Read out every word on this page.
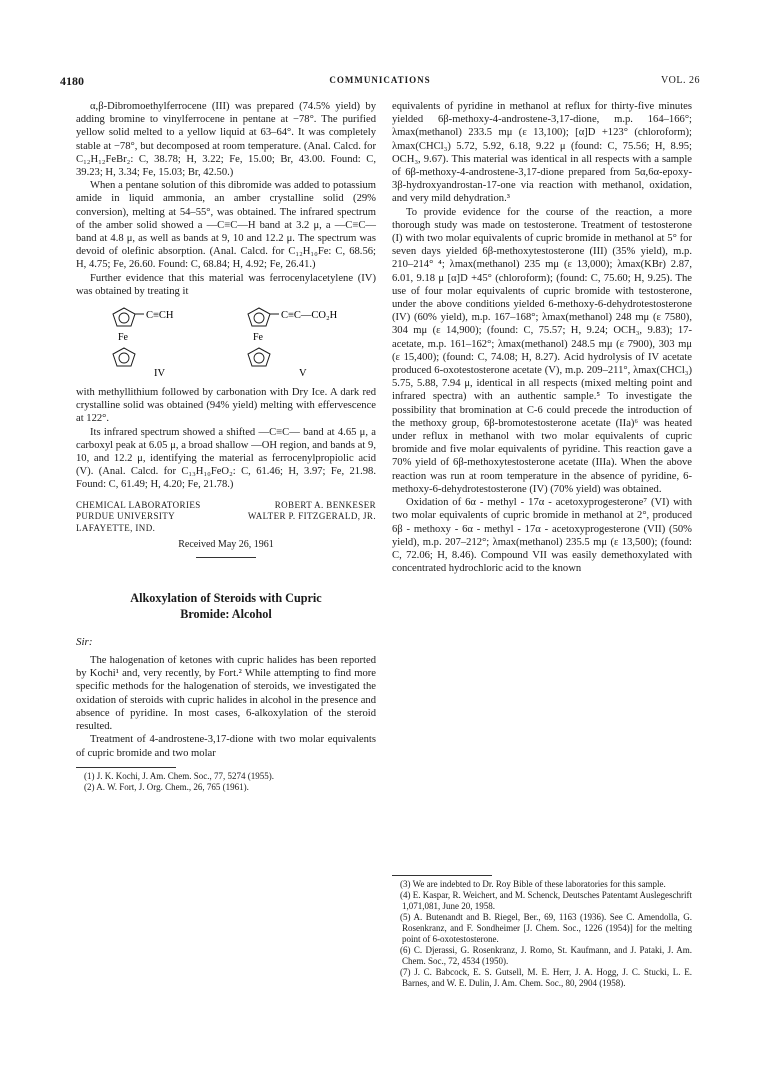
4180	COMMUNICATIONS	VOL. 26

α,β-Dibromoethylferrocene (III) was prepared (74.5% yield) by adding bromine to vinylferrocene in pentane at −78°. The purified yellow solid melted to a yellow liquid at 63–64°. It was completely stable at −78°, but decomposed at room temperature. (Anal. Calcd. for C₁₂H₁₂FeBr₂: C, 38.78; H, 3.22; Fe, 15.00; Br, 43.00. Found: C, 39.23; H, 3.34; Fe, 15.03; Br, 42.50.)

When a pentane solution of this dibromide was added to potassium amide in liquid ammonia, an amber crystalline solid (29% conversion), melting at 54–55°, was obtained. The infrared spectrum of the amber solid showed a —C≡C—H band at 3.2 μ, a —C≡C— band at 4.8 μ, as well as bands at 9, 10 and 12.2 μ. The spectrum was devoid of olefinic absorption. (Anal. Calcd. for C₁₂H₁₀Fe: C, 68.56; H, 4.75; Fe, 26.60. Found: C, 68.84; H, 4.92; Fe, 26.41.)

Further evidence that this material was ferrocenylacetylene (IV) was obtained by treating it

C≡CH
Fe
IV
C≡C—CO₂H
Fe
V

with methyllithium followed by carbonation with Dry Ice. A dark red crystalline solid was obtained (94% yield) melting with effervescence at 122°.

Its infrared spectrum showed a shifted —C≡C— band at 4.65 μ, a carboxyl peak at 6.05 μ, a broad shallow —OH region, and bands at 9, 10, and 12.2 μ, identifying the material as ferrocenylpropiolic acid (V). (Anal. Calcd. for C₁₃H₁₀FeO₂: C, 61.46; H, 3.97; Fe, 21.98. Found: C, 61.49; H, 4.20; Fe, 21.78.)

CHEMICAL LABORATORIES
PURDUE UNIVERSITY
LAFAYETTE, IND.
ROBERT A. BENKESER
WALTER P. FITZGERALD, JR.
Received May 26, 1961
Alkoxylation of Steroids with Cupric
Bromide: Alcohol
Sir:

The halogenation of ketones with cupric halides has been reported by Kochi¹ and, very recently, by Fort.² While attempting to find more specific methods for the halogenation of steroids, we investigated the oxidation of steroids with cupric halides in alcohol in the presence and absence of pyridine. In most cases, 6-alkoxylation of the steroid resulted.

Treatment of 4-androstene-3,17-dione with two molar equivalents of cupric bromide and two molar

(1) J. K. Kochi, J. Am. Chem. Soc., 77, 5274 (1955).

(2) A. W. Fort, J. Org. Chem., 26, 765 (1961).

equivalents of pyridine in methanol at reflux for thirty-five minutes yielded 6β-methoxy-4-androstene-3,17-dione, m.p. 164–166°; λmax(methanol) 233.5 mμ (ε 13,100); [α]D +123° (chloroform); λmax(CHCl₃) 5.72, 5.92, 6.18, 9.22 μ (found: C, 75.56; H, 8.95; OCH₃, 9.67). This material was identical in all respects with a sample of 6β-methoxy-4-androstene-3,17-dione prepared from 5α,6α-epoxy-3β-hydroxyandrostan-17-one via reaction with methanol, oxidation, and very mild dehydration.³

To provide evidence for the course of the reaction, a more thorough study was made on testosterone. Treatment of testosterone (I) with two molar equivalents of cupric bromide in methanol at 5° for seven days yielded 6β-methoxytestosterone (III) (35% yield), m.p. 210–214° ⁴; λmax(methanol) 235 mμ (ε 13,000); λmax(KBr) 2.87, 6.01, 9.18 μ [α]D +45° (chloroform); (found: C, 75.60; H, 9.25). The use of four molar equivalents of cupric bromide with testosterone, under the above conditions yielded 6-methoxy-6-dehydrotestosterone (IV) (60% yield), m.p. 167–168°; λmax(methanol) 248 mμ (ε 7580), 304 mμ (ε 14,900); (found: C, 75.57; H, 9.24; OCH₃, 9.83); 17-acetate, m.p. 161–162°; λmax(methanol) 248.5 mμ (ε 7900), 303 mμ (ε 15,400); (found: C, 74.08; H, 8.27). Acid hydrolysis of IV acetate produced 6-oxotestosterone acetate (V), m.p. 209–211°, λmax(CHCl₃) 5.75, 5.88, 7.94 μ, identical in all respects (mixed melting point and infrared spectra) with an authentic sample.⁵ To investigate the possibility that bromination at C-6 could precede the introduction of the methoxy group, 6β-bromotestosterone acetate (IIa)⁶ was heated under reflux in methanol with two molar equivalents of cupric bromide and five molar equivalents of pyridine. This reaction gave a 70% yield of 6β-methoxytestosterone acetate (IIIa). When the above reaction was run at room temperature in the absence of pyridine, 6-methoxy-6-dehydrotestosterone (IV) (70% yield) was obtained.

Oxidation of 6α - methyl - 17α - acetoxyprogesterone⁷ (VI) with two molar equivalents of cupric bromide in methanol at 2°, produced 6β - methoxy - 6α - methyl - 17α - acetoxyprogesterone (VII) (50% yield), m.p. 207–212°; λmax(methanol) 235.5 mμ (ε 13,500); (found: C, 72.06; H, 8.46). Compound VII was easily demethoxylated with concentrated hydrochloric acid to the known

(3) We are indebted to Dr. Roy Bible of these laboratories for this sample.

(4) E. Kaspar, R. Weichert, and M. Schenck, Deutsches Patentamt Auslegeschrift 1,071,081, June 20, 1958.

(5) A. Butenandt and B. Riegel, Ber., 69, 1163 (1936). See C. Amendolla, G. Rosenkranz, and F. Sondheimer [J. Chem. Soc., 1226 (1954)] for the melting point of 6-oxotestosterone.

(6) C. Djerassi, G. Rosenkranz, J. Romo, St. Kaufmann, and J. Pataki, J. Am. Chem. Soc., 72, 4534 (1950).

(7) J. C. Babcock, E. S. Gutsell, M. E. Herr, J. A. Hogg, J. C. Stucki, L. E. Barnes, and W. E. Dulin, J. Am. Chem. Soc., 80, 2904 (1958).
